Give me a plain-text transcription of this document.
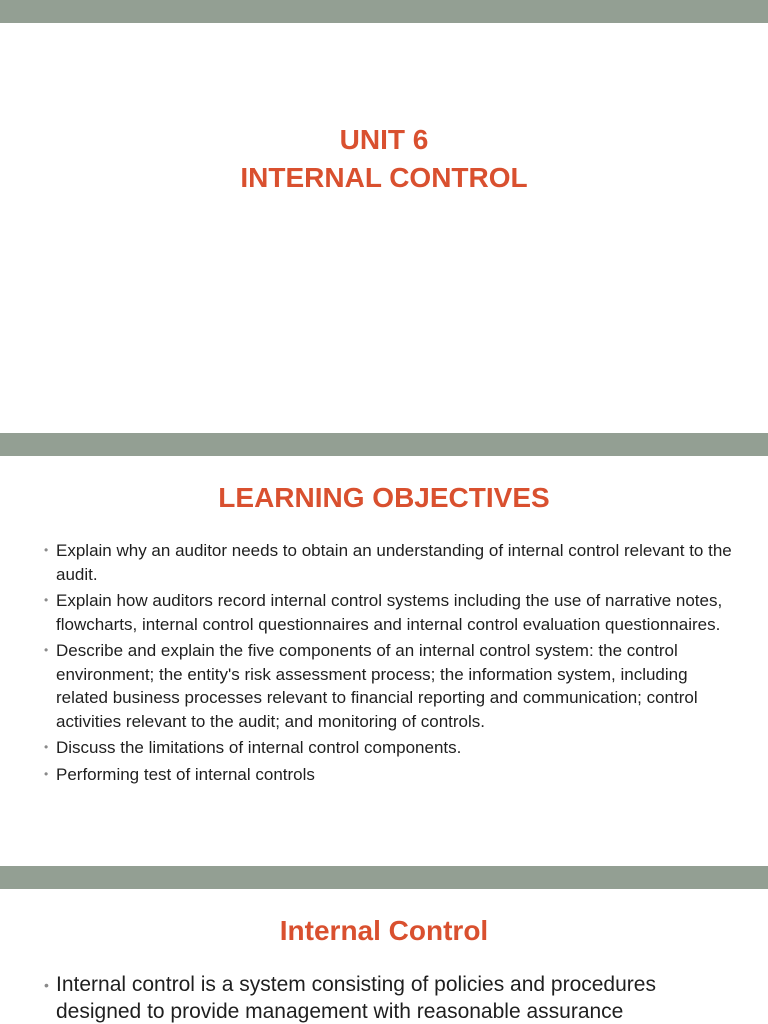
UNIT 6
INTERNAL CONTROL
LEARNING OBJECTIVES
• Explain why an auditor needs to obtain an understanding of internal control relevant to the audit.
• Explain how auditors record internal control systems including the use of narrative notes, flowcharts, internal control questionnaires and internal control evaluation questionnaires.
• Describe and explain the five components of an internal control system: the control environment; the entity's risk assessment process; the information system, including related business processes relevant to financial reporting and communication; control activities relevant to the audit; and monitoring of controls.
• Discuss the limitations of internal control components.
• Performing test of internal controls
Internal Control
• Internal control is a system consisting of policies and procedures designed to provide management with reasonable assurance
